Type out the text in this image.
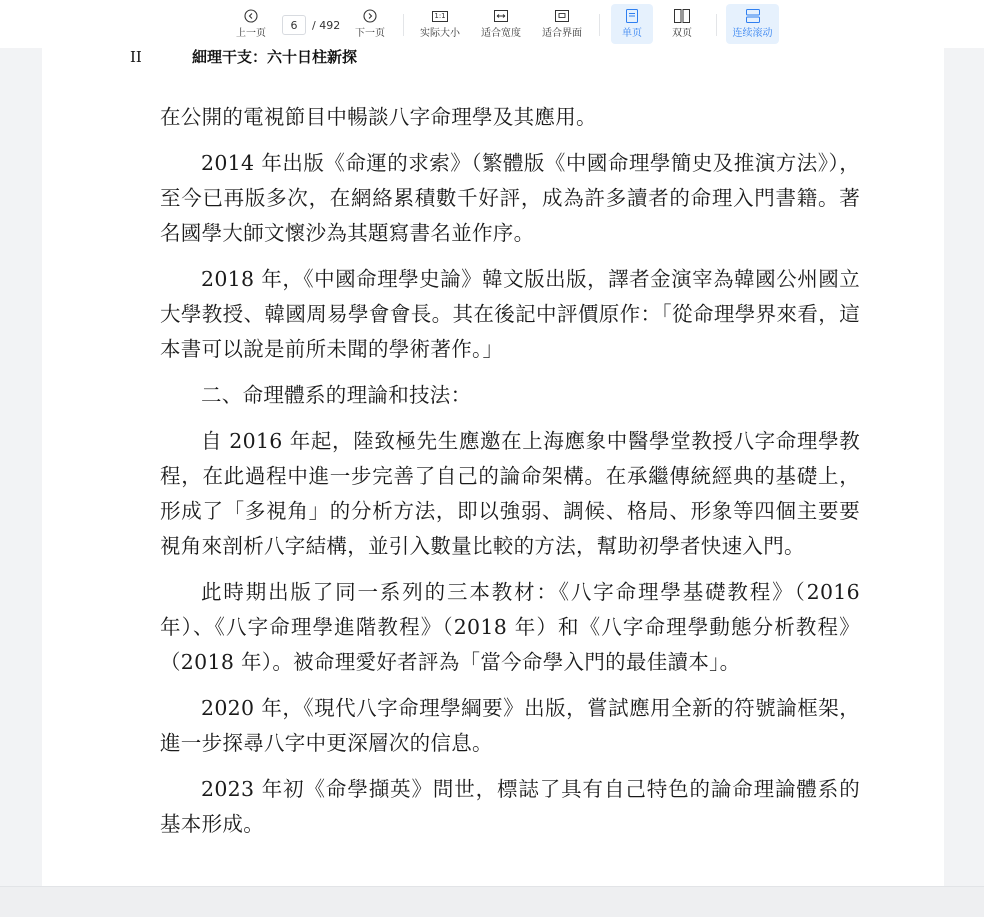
上一页
6
/ 492
下一页
1:1
实际大小 适合宽度 适合界面	单页	双页	连续滚动
II	細理干支：六十日柱新探

在公開的電視節目中暢談八字命理學及其應用。

2014 年出版《命運的求索》（繁體版《中國命理學簡史及推演方法》），至今已再版多次，在網絡累積數千好評，成為許多讀者的命理入門書籍。著名國學大師文懷沙為其題寫書名並作序。

2018 年，《中國命理學史論》韓文版出版，譯者金演宰為韓國公州國立大學教授、韓國周易學會會長。其在後記中評價原作：「從命理學界來看，這本書可以說是前所未聞的學術著作。」

二、命理體系的理論和技法：

自 2016 年起，陸致極先生應邀在上海應象中醫學堂教授八字命理學教程，在此過程中進一步完善了自己的論命架構。在承繼傳統經典的基礎上，形成了「多視角」的分析方法，即以強弱、調候、格局、形象等四個主要要視角來剖析八字結構，並引入數量比較的方法，幫助初學者快速入門。

此時期出版了同一系列的三本教材：《八字命理學基礎教程》（2016 年）、《八字命理學進階教程》（2018 年）和《八字命理學動態分析教程》（2018 年）。被命理愛好者評為「當今命學入門的最佳讀本」。

2020 年，《現代八字命理學綱要》出版，嘗試應用全新的符號論框架，進一步探尋八字中更深層次的信息。

2023 年初《命學擷英》問世，標誌了具有自己特色的論命理論體系的基本形成。
